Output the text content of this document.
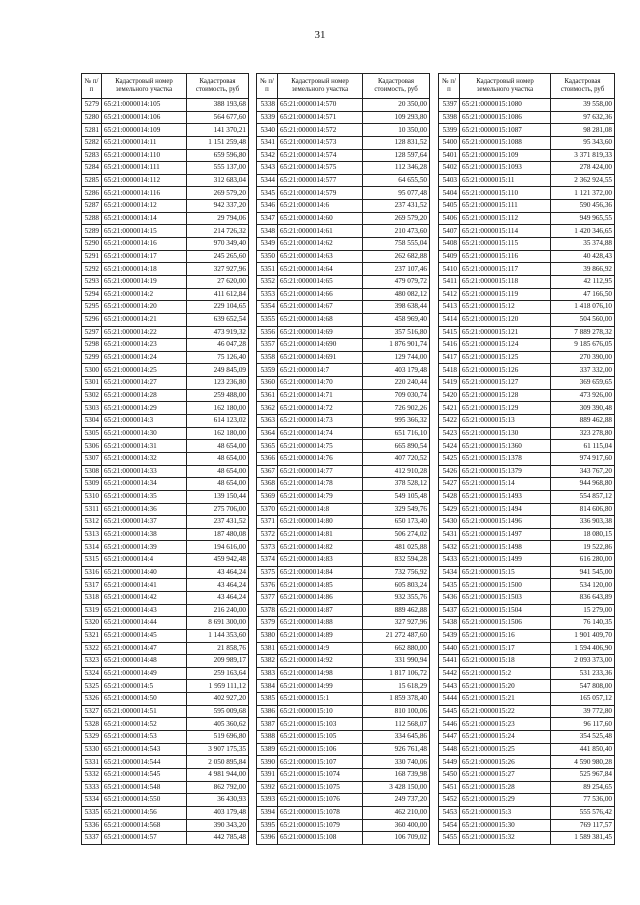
31
№ п/п	Кадастровый номер земельного участка	Кадастровая стоимость, руб
5279	65:21:0000014:105	388 193,68
5280	65:21:0000014:106	564 677,60
5281	65:21:0000014:109	141 370,21
5282	65:21:0000014:11	1 151 259,48
5283	65:21:0000014:110	659 596,80
5284	65:21:0000014:111	555 137,00
5285	65:21:0000014:112	312 683,04
5286	65:21:0000014:116	269 579,20
5287	65:21:0000014:12	942 337,20
5288	65:21:0000014:14	29 794,06
5289	65:21:0000014:15	214 726,32
5290	65:21:0000014:16	970 349,40
5291	65:21:0000014:17	245 265,60
5292	65:21:0000014:18	327 927,96
5293	65:21:0000014:19	27 620,00
5294	65:21:0000014:2	411 612,84
5295	65:21:0000014:20	229 104,65
5296	65:21:0000014:21	639 652,54
5297	65:21:0000014:22	473 919,32
5298	65:21:0000014:23	46 047,28
5299	65:21:0000014:24	75 126,40
5300	65:21:0000014:25	249 845,09
5301	65:21:0000014:27	123 236,80
5302	65:21:0000014:28	259 488,00
5303	65:21:0000014:29	162 180,00
5304	65:21:0000014:3	614 123,02
5305	65:21:0000014:30	162 180,00
5306	65:21:0000014:31	48 654,00
5307	65:21:0000014:32	48 654,00
5308	65:21:0000014:33	48 654,00
5309	65:21:0000014:34	48 654,00
5310	65:21:0000014:35	139 150,44
5311	65:21:0000014:36	275 706,00
5312	65:21:0000014:37	237 431,52
5313	65:21:0000014:38	187 480,08
5314	65:21:0000014:39	194 616,00
5315	65:21:0000014:4	459 942,48
5316	65:21:0000014:40	43 464,24
5317	65:21:0000014:41	43 464,24
5318	65:21:0000014:42	43 464,24
5319	65:21:0000014:43	216 240,00
5320	65:21:0000014:44	8 691 300,00
5321	65:21:0000014:45	1 144 353,60
5322	65:21:0000014:47	21 858,76
5323	65:21:0000014:48	209 989,17
5324	65:21:0000014:49	259 163,64
5325	65:21:0000014:5	1 959 111,12
5326	65:21:0000014:50	402 927,20
5327	65:21:0000014:51	595 009,68
5328	65:21:0000014:52	405 360,62
5329	65:21:0000014:53	519 696,80
5330	65:21:0000014:543	3 907 175,35
5331	65:21:0000014:544	2 050 895,84
5332	65:21:0000014:545	4 981 944,00
5333	65:21:0000014:548	862 792,00
5334	65:21:0000014:550	36 430,93
5335	65:21:0000014:56	403 179,48
5336	65:21:0000014:568	390 343,20
5337	65:21:0000014:57	442 785,48
№ п/п	Кадастровый номер земельного участка	Кадастровая стоимость, руб
5338	65:21:0000014:570	20 350,00
5339	65:21:0000014:571	109 293,80
5340	65:21:0000014:572	10 350,00
5341	65:21:0000014:573	128 831,52
5342	65:21:0000014:574	128 597,64
5343	65:21:0000014:575	112 346,28
5344	65:21:0000014:577	64 655,50
5345	65:21:0000014:579	95 077,48
5346	65:21:0000014:6	237 431,52
5347	65:21:0000014:60	269 579,20
5348	65:21:0000014:61	210 473,60
5349	65:21:0000014:62	758 555,04
5350	65:21:0000014:63	262 682,88
5351	65:21:0000014:64	237 107,46
5352	65:21:0000014:65	479 079,72
5353	65:21:0000014:66	480 082,12
5354	65:21:0000014:67	398 638,44
5355	65:21:0000014:68	458 969,40
5356	65:21:0000014:69	357 516,80
5357	65:21:0000014:690	1 876 901,74
5358	65:21:0000014:691	129 744,00
5359	65:21:0000014:7	403 179,48
5360	65:21:0000014:70	220 240,44
5361	65:21:0000014:71	709 030,74
5362	65:21:0000014:72	726 902,26
5363	65:21:0000014:73	995 366,32
5364	65:21:0000014:74	651 716,10
5365	65:21:0000014:75	665 890,54
5366	65:21:0000014:76	407 720,52
5367	65:21:0000014:77	412 910,28
5368	65:21:0000014:78	378 528,12
5369	65:21:0000014:79	549 105,48
5370	65:21:0000014:8	329 549,76
5371	65:21:0000014:80	650 173,40
5372	65:21:0000014:81	506 274,02
5373	65:21:0000014:82	481 025,88
5374	65:21:0000014:83	832 594,28
5375	65:21:0000014:84	732 756,92
5376	65:21:0000014:85	605 803,24
5377	65:21:0000014:86	932 355,76
5378	65:21:0000014:87	889 462,88
5379	65:21:0000014:88	327 927,96
5380	65:21:0000014:89	21 272 487,60
5381	65:21:0000014:9	662 880,00
5382	65:21:0000014:92	331 990,94
5383	65:21:0000014:98	1 817 106,72
5384	65:21:0000014:99	15 618,29
5385	65:21:0000015:1	1 859 378,40
5386	65:21:0000015:10	810 100,06
5387	65:21:0000015:103	112 568,07
5388	65:21:0000015:105	334 645,86
5389	65:21:0000015:106	926 761,48
5390	65:21:0000015:107	330 740,06
5391	65:21:0000015:1074	168 739,98
5392	65:21:0000015:1075	3 428 150,00
5393	65:21:0000015:1076	249 737,20
5394	65:21:0000015:1078	462 210,00
5395	65:21:0000015:1079	360 400,00
5396	65:21:0000015:108	106 709,02
№ п/п	Кадастровый номер земельного участка	Кадастровая стоимость, руб
5397	65:21:0000015:1080	39 558,00
5398	65:21:0000015:1086	97 632,36
5399	65:21:0000015:1087	98 281,08
5400	65:21:0000015:1088	95 343,60
5401	65:21:0000015:109	3 371 819,33
5402	65:21:0000015:1093	278 424,00
5403	65:21:0000015:11	2 362 924,55
5404	65:21:0000015:110	1 121 372,00
5405	65:21:0000015:111	590 456,36
5406	65:21:0000015:112	949 965,55
5407	65:21:0000015:114	1 420 346,65
5408	65:21:0000015:115	35 374,88
5409	65:21:0000015:116	40 428,43
5410	65:21:0000015:117	39 866,92
5411	65:21:0000015:118	42 112,95
5412	65:21:0000015:119	47 166,50
5413	65:21:0000015:12	1 418 076,10
5414	65:21:0000015:120	504 560,00
5415	65:21:0000015:121	7 889 278,32
5416	65:21:0000015:124	9 185 676,05
5417	65:21:0000015:125	270 390,00
5418	65:21:0000015:126	337 332,00
5419	65:21:0000015:127	369 659,65
5420	65:21:0000015:128	473 926,00
5421	65:21:0000015:129	309 390,48
5422	65:21:0000015:13	889 462,88
5423	65:21:0000015:130	323 278,80
5424	65:21:0000015:1360	61 115,04
5425	65:21:0000015:1378	974 917,60
5426	65:21:0000015:1379	343 767,20
5427	65:21:0000015:14	944 968,80
5428	65:21:0000015:1493	554 857,12
5429	65:21:0000015:1494	814 606,80
5430	65:21:0000015:1496	336 903,38
5431	65:21:0000015:1497	18 080,15
5432	65:21:0000015:1498	19 522,86
5433	65:21:0000015:1499	616 280,00
5434	65:21:0000015:15	941 545,00
5435	65:21:0000015:1500	534 120,00
5436	65:21:0000015:1503	836 643,89
5437	65:21:0000015:1504	15 279,00
5438	65:21:0000015:1506	76 140,35
5439	65:21:0000015:16	1 901 409,70
5440	65:21:0000015:17	1 594 406,90
5441	65:21:0000015:18	2 093 373,00
5442	65:21:0000015:2	531 233,36
5443	65:21:0000015:20	547 808,00
5444	65:21:0000015:21	165 057,12
5445	65:21:0000015:22	39 772,80
5446	65:21:0000015:23	96 117,60
5447	65:21:0000015:24	354 525,48
5448	65:21:0000015:25	441 850,40
5449	65:21:0000015:26	4 590 980,28
5450	65:21:0000015:27	525 967,84
5451	65:21:0000015:28	89 254,65
5452	65:21:0000015:29	77 536,00
5453	65:21:0000015:3	555 576,42
5454	65:21:0000015:30	769 117,57
5455	65:21:0000015:32	1 589 381,45
